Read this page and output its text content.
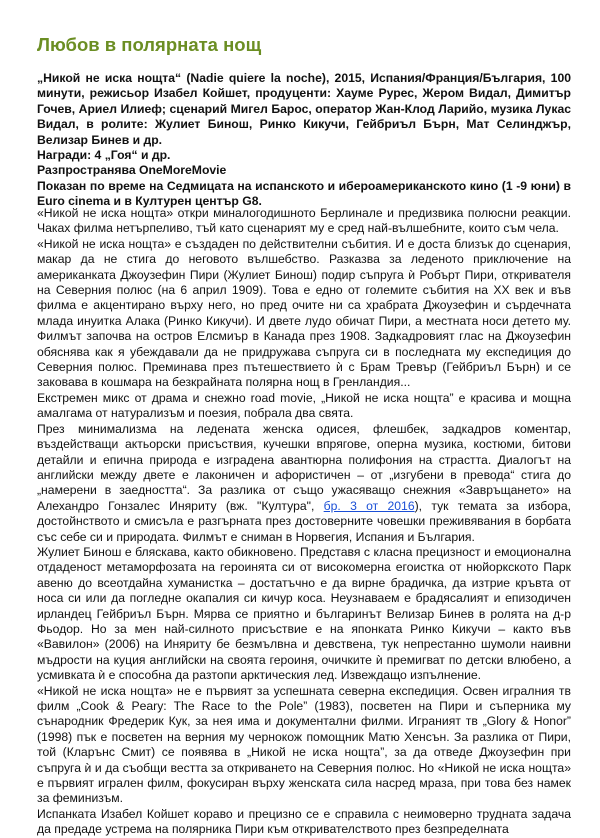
Любов в полярната нощ

„Никой не иска нощта“ (Nadie quiere la noche), 2015, Испания/Франция/България, 100 минути, режисьор Изабел Койшет, продуценти: Хауме Рурес, Жером Видал, Димитър Гочев, Ариел Илиеф; сценарий Мигел Барос, оператор Жан-Клод Ларийо, музика Лукас Видал, в ролите: Жулиет Бинош, Ринко Кикучи, Гейбриъл Бърн, Мат Селинджър, Велизар Бинев и др.

Награди: 4 „Гоя“ и др.

Разпространява OneMoreMovie

Показан по време на Седмицата на испанското и ибероамериканското кино (1 -9 юни) в Euro cinema и в Културен център G8.

«Никой не иска нощта» откри миналогодишното Берлинале и предизвика полюсни реакции. Чаках филма нетърпеливо, тъй като сценарият му е сред най-вълшебните, които съм чела.

«Никой не иска нощта» е създаден по действителни събития. И е доста близък до сценария, макар да не стига до неговото вълшебство. Разказва за леденото приключение на американката Джоузефин Пири (Жулиет Бинош) подир съпруга ѝ Робърт Пири, откривателя на Северния полюс (на 6 април 1909). Това е едно от големите събития на ХХ век и във филма е акцентирано върху него, но пред очите ни са храбрата Джоузефин и сърдечната млада инуитка Алака (Ринко Кикучи). И двете лудо обичат Пири, а местната носи детето му. Филмът започва на остров Елсмиър в Канада през 1908. Задкадровият глас на Джоузефин обяснява как я убеждавали да не придружава съпруга си в последната му експедиция до Северния полюс. Преминава през пътешествието ѝ с Брам Тревър (Гейбриъл Бърн) и се заковава в кошмара на безкрайната полярна нощ в Гренландия...

Екстремен микс от драма и снежно road movie, „Никой не иска нощта” е красива и мощна амалгама от натурализъм и поезия, побрала два свята.

През минимализма на ледената женска одисея, флешбек, задкадров коментар, въздействащи актьорски присъствия, кучешки впрягове, оперна музика, костюми, битови детайли и епична природа е изградена авантюрна полифония на страстта. Диалогът на английски между двете е лаконичен и афористичен – от „изгубени в превода“ стига до „намерени в заедността“. За разлика от също ужасяващо снежния «Завръщането» на Алехандро Гонзалес Иняриту (вж. "Култура", бр. 3 от 2016), тук темата за избора, достойнството и смисъла е разгърната през достоверните човешки преживявания в борбата със себе си и природата. Филмът е сниман в Норвегия, Испания и България.

Жулиет Бинош е бляскава, както обикновено. Представя с класна прецизност и емоционална отдаденост метаморфозата на героинята си от високомерна егоистка от нюйоркското Парк авеню до всеотдайна хуманистка – достатъчно е да вирне брадичка, да изтрие кръвта от носа си или да погледне окапалия си кичур коса. Неузнаваем е брадясалият и епизодичен ирландец Гейбриъл Бърн. Мярва се приятно и българинът Велизар Бинев в ролята на д-р Фьодор. Но за мен най-силното присъствие е на японката Ринко Кикучи – както във «Вавилон» (2006) на Иняриту бе безмълвна и девствена, тук непрестанно шумоли наивни мъдрости на куция английски на своята героиня, очичките ѝ премигват по детски влюбено, а усмивката ѝ е способна да разтопи арктическия лед. Извеждащо изпълнение.

«Никой не иска нощта» не е първият за успешната северна експедиция. Освен игралния тв филм „Cook & Peary: The Race to the Pole” (1983), посветен на Пири и съперника му сънародник Фредерик Кук, за нея има и документални филми. Играният тв „Glory & Honor” (1998) пък е посветен на верния му чернокож помощник Матю Хенсън. За разлика от Пири, той (Кларънс Смит) се появява в „Никой не иска нощта”, за да отведе Джоузефин при съпруга ѝ и да съобщи вестта за откриването на Северния полюс. Но «Никой не иска нощта» е първият игрален филм, фокусиран върху женската сила насред мраза, при това без намек за феминизъм.

Испанката Изабел Койшет кораво и прецизно се е справила с неимоверно трудната задача да предаде устрема на полярника Пири към откривателството през безпределната
